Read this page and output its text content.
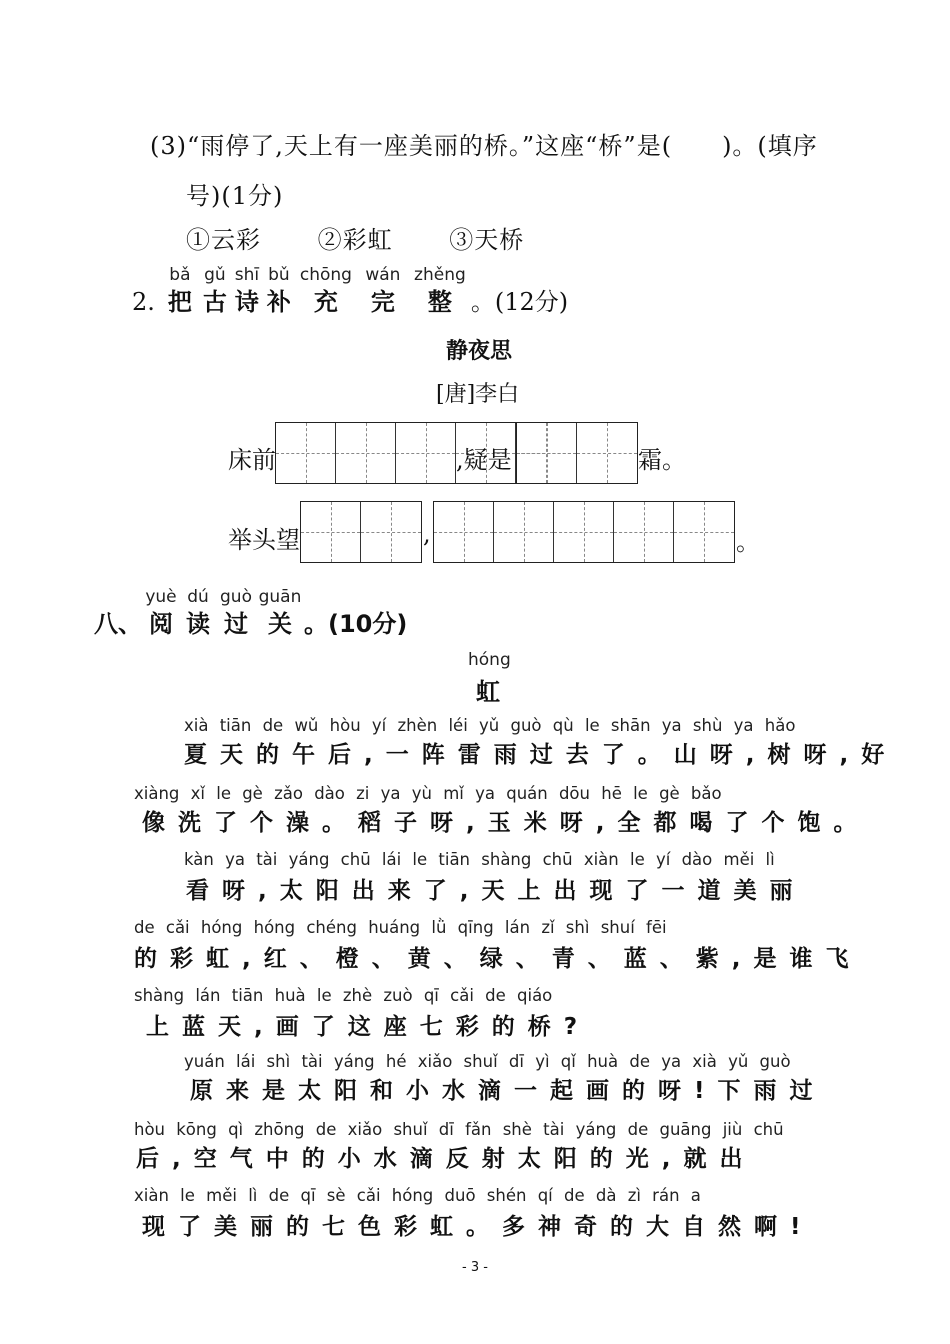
(3)“雨停了,天上有一座美丽的桥。”这座“桥”是(　　)。(填序
号)(1分)
①云彩 ②彩虹 ③天桥

2.
bǎ
把
gǔ
古
shī
诗
bǔ
补
chōng
充
wán
完
zhěng
整
。(12分)
静夜思
[唐]李白
床前	,疑是	霜。
举头望	,	。

八、
yuè
阅
dú
读
guò
过
guān
关
。(10分)
hóng
虹
xià tiān de wǔ hòu yí zhèn léi yǔ guò qù le shān ya shù ya hǎo
夏天的午后,一阵雷雨过去了。山呀,树呀,好
xiàng xǐ le gè zǎo dào zi ya yù mǐ ya quán dōu hē le gè bǎo
像洗了个澡。稻子呀,玉米呀,全都喝了个饱。
kàn ya tài yáng chū lái le tiān shàng chū xiàn le yí dào měi lì
看呀,太阳出来了,天上出现了一道美丽
de cǎi hóng hóng chéng huáng lǜ qīng lán zǐ shì shuí fēi
的彩虹,红、橙、黄、绿、青、蓝、紫,是谁飞
shàng lán tiān huà le zhè zuò qī cǎi de qiáo
上蓝天,画了这座七彩的桥?
yuán lái shì tài yáng hé xiǎo shuǐ dī yì qǐ huà de ya xià yǔ guò
原来是太阳和小水滴一起画的呀!下雨过
hòu kōng qì zhōng de xiǎo shuǐ dī fǎn shè tài yáng de guāng jiù chū
后,空气中的小水滴反射太阳的光,就出
xiàn le měi lì de qī sè cǎi hóng duō shén qí de dà zì rán a
现了美丽的七色彩虹。多神奇的大自然啊!
- 3 -
